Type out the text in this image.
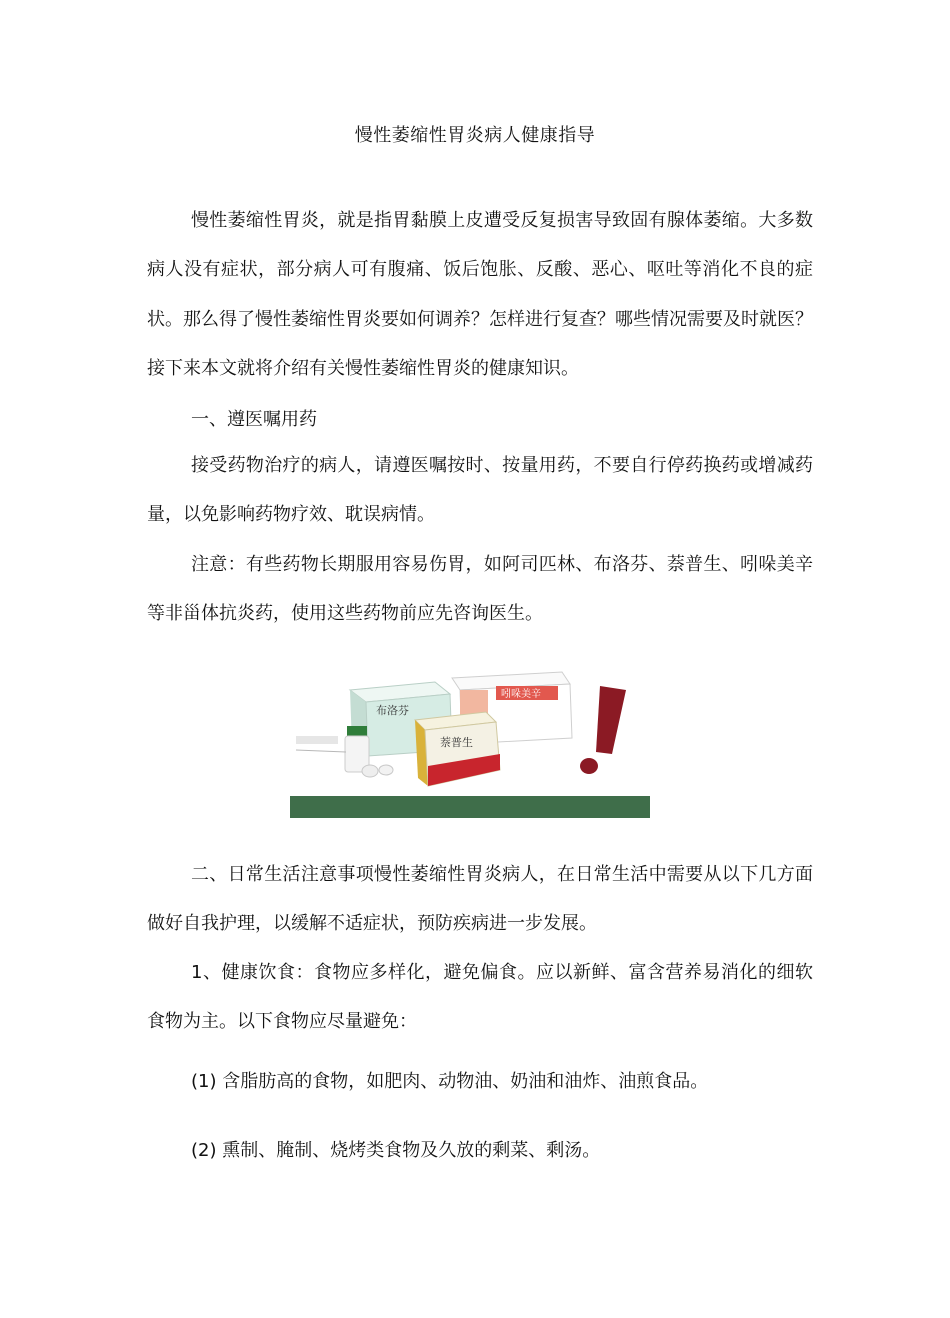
慢性萎缩性胃炎病人健康指导

慢性萎缩性胃炎，就是指胃黏膜上皮遭受反复损害导致固有腺体萎缩。大多数病人没有症状，部分病人可有腹痛、饭后饱胀、反酸、恶心、呕吐等消化不良的症状。那么得了慢性萎缩性胃炎要如何调养？怎样进行复查？哪些情况需要及时就医？接下来本文就将介绍有关慢性萎缩性胃炎的健康知识。

一、遵医嘱用药

接受药物治疗的病人，请遵医嘱按时、按量用药，不要自行停药换药或增减药量，以免影响药物疗效、耽误病情。

注意：有些药物长期服用容易伤胃，如阿司匹林、布洛芬、萘普生、吲哚美辛等非甾体抗炎药，使用这些药物前应先咨询医生。

布洛芬
吲哚美辛
萘普生

二、日常生活注意事项慢性萎缩性胃炎病人，在日常生活中需要从以下几方面做好自我护理，以缓解不适症状，预防疾病进一步发展。

1、健康饮食：食物应多样化，避免偏食。应以新鲜、富含营养易消化的细软食物为主。以下食物应尽量避免：

(1) 含脂肪高的食物，如肥肉、动物油、奶油和油炸、油煎食品。
(2) 熏制、腌制、烧烤类食物及久放的剩菜、剩汤。
